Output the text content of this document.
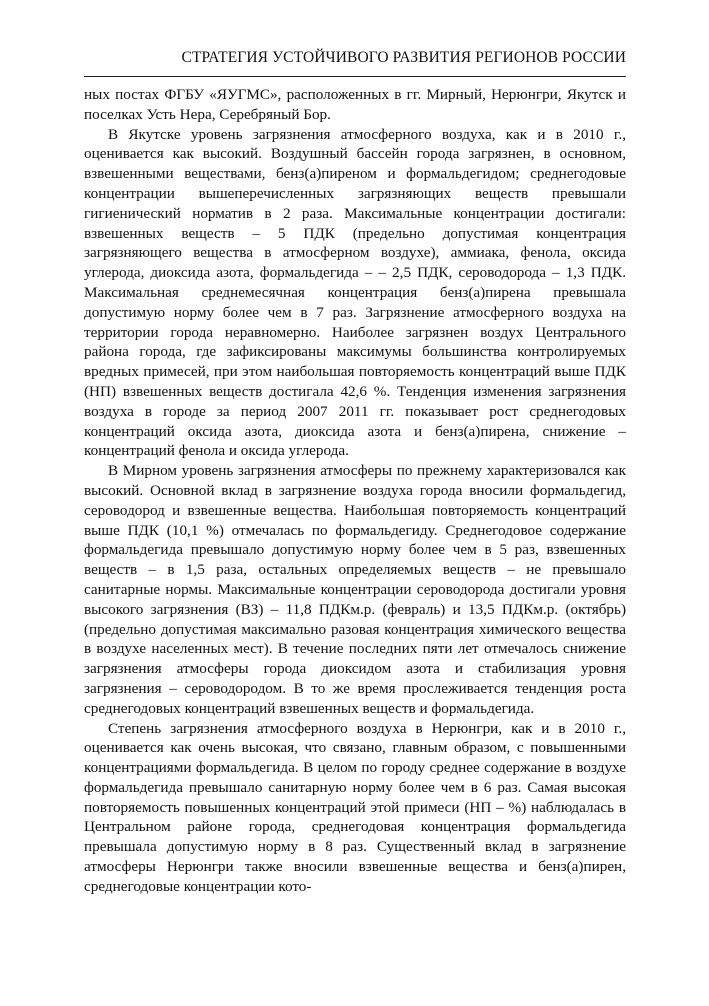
СТРАТЕГИЯ УСТОЙЧИВОГО РАЗВИТИЯ РЕГИОНОВ РОССИИ

ных постах ФГБУ «ЯУГМС», расположенных в гг. Мирный, Нерюнгри, Якутск и поселках Усть Нера, Серебряный Бор.

В Якутске уровень загрязнения атмосферного воздуха, как и в 2010 г., оценивается как высокий. Воздушный бассейн города загрязнен, в основном, взвешенными веществами, бенз(а)пиреном и формальдегидом; среднегодовые концентрации вышеперечисленных загрязняющих веществ превышали гигиенический норматив в 2 раза. Максимальные концентрации достигали: взвешенных веществ – 5 ПДК (предельно допустимая концентрация загрязняющего вещества в атмосферном воздухе), аммиака, фенола, оксида углерода, диоксида азота, формальдегида – – 2,5 ПДК, сероводорода – 1,3 ПДК. Максимальная среднемесячная концентрация бенз(а)пирена превышала допустимую норму более чем в 7 раз. Загрязнение атмосферного воздуха на территории города неравномерно. Наиболее загрязнен воздух Центрального района города, где зафиксированы максимумы большинства контролируемых вредных примесей, при этом наибольшая повторяемость концентраций выше ПДК (НП) взвешенных веществ достигала 42,6 %. Тенденция изменения загрязнения воздуха в городе за период 2007 2011 гг. показывает рост среднегодовых концентраций оксида азота, диоксида азота и бенз(а)пирена, снижение – концентраций фенола и оксида углерода.

В Мирном уровень загрязнения атмосферы по прежнему характеризовался как высокий. Основной вклад в загрязнение воздуха города вносили формальдегид, сероводород и взвешенные вещества. Наибольшая повторяемость концентраций выше ПДК (10,1 %) отмечалась по формальдегиду. Среднегодовое содержание формальдегида превышало допустимую норму более чем в 5 раз, взвешенных веществ – в 1,5 раза, остальных определяемых веществ – не превышало санитарные нормы. Максимальные концентрации сероводорода достигали уровня высокого загрязнения (ВЗ) – 11,8 ПДКм.р. (февраль) и 13,5 ПДКм.р. (октябрь) (предельно допустимая максимально разовая концентрация химического вещества в воздухе населенных мест). В течение последних пяти лет отмечалось снижение загрязнения атмосферы города диоксидом азота и стабилизация уровня загрязнения – сероводородом. В то же время прослеживается тенденция роста среднегодовых концентраций взвешенных веществ и формальдегида.

Степень загрязнения атмосферного воздуха в Нерюнгри, как и в 2010 г., оценивается как очень высокая, что связано, главным образом, с повышенными концентрациями формальдегида. В целом по городу среднее содержание в воздухе формальдегида превышало санитарную норму более чем в 6 раз. Самая высокая повторяемость повышенных концентраций этой примеси (НП – %) наблюдалась в Центральном районе города, среднегодовая концентрация формальдегида превышала допустимую норму в 8 раз. Существенный вклад в загрязнение атмосферы Нерюнгри также вносили взвешенные вещества и бенз(а)пирен, среднегодовые концентрации кото-
